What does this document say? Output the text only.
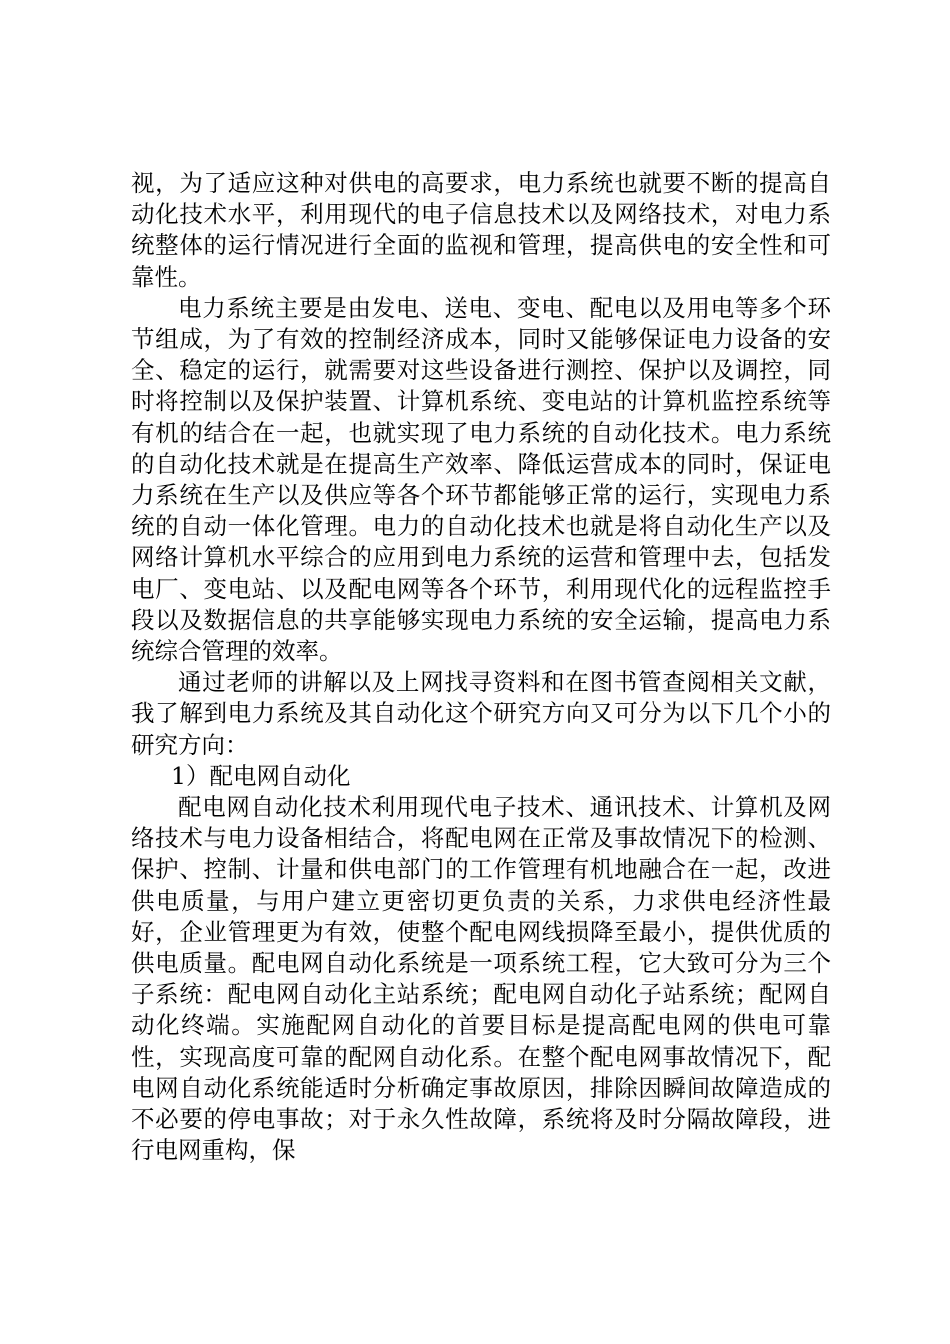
视，为了适应这种对供电的高要求，电力系统也就要不断的提高自动化技术水平，利用现代的电子信息技术以及网络技术，对电力系统整体的运行情况进行全面的监视和管理，提高供电的安全性和可靠性。

电力系统主要是由发电、送电、变电、配电以及用电等多个环节组成，为了有效的控制经济成本，同时又能够保证电力设备的安全、稳定的运行，就需要对这些设备进行测控、保护以及调控，同时将控制以及保护装置、计算机系统、变电站的计算机监控系统等有机的结合在一起，也就实现了电力系统的自动化技术。电力系统的自动化技术就是在提高生产效率、降低运营成本的同时，保证电力系统在生产以及供应等各个环节都能够正常的运行，实现电力系统的自动一体化管理。电力的自动化技术也就是将自动化生产以及网络计算机水平综合的应用到电力系统的运营和管理中去，包括发电厂、变电站、以及配电网等各个环节，利用现代化的远程监控手段以及数据信息的共享能够实现电力系统的安全运输，提高电力系统综合管理的效率。

通过老师的讲解以及上网找寻资料和在图书管查阅相关文献，我了解到电力系统及其自动化这个研究方向又可分为以下几个小的研究方向：

1）配电网自动化

配电网自动化技术利用现代电子技术、通讯技术、计算机及网络技术与电力设备相结合，将配电网在正常及事故情况下的检测、保护、控制、计量和供电部门的工作管理有机地融合在一起，改进供电质量，与用户建立更密切更负责的关系，力求供电经济性最好，企业管理更为有效，使整个配电网线损降至最小，提供优质的供电质量。配电网自动化系统是一项系统工程，它大致可分为三个子系统：配电网自动化主站系统；配电网自动化子站系统；配网自动化终端。实施配网自动化的首要目标是提高配电网的供电可靠性，实现高度可靠的配网自动化系。在整个配电网事故情况下，配电网自动化系统能适时分析确定事故原因，排除因瞬间故障造成的不必要的停电事故；对于永久性故障，系统将及时分隔故障段，进行电网重构，保
